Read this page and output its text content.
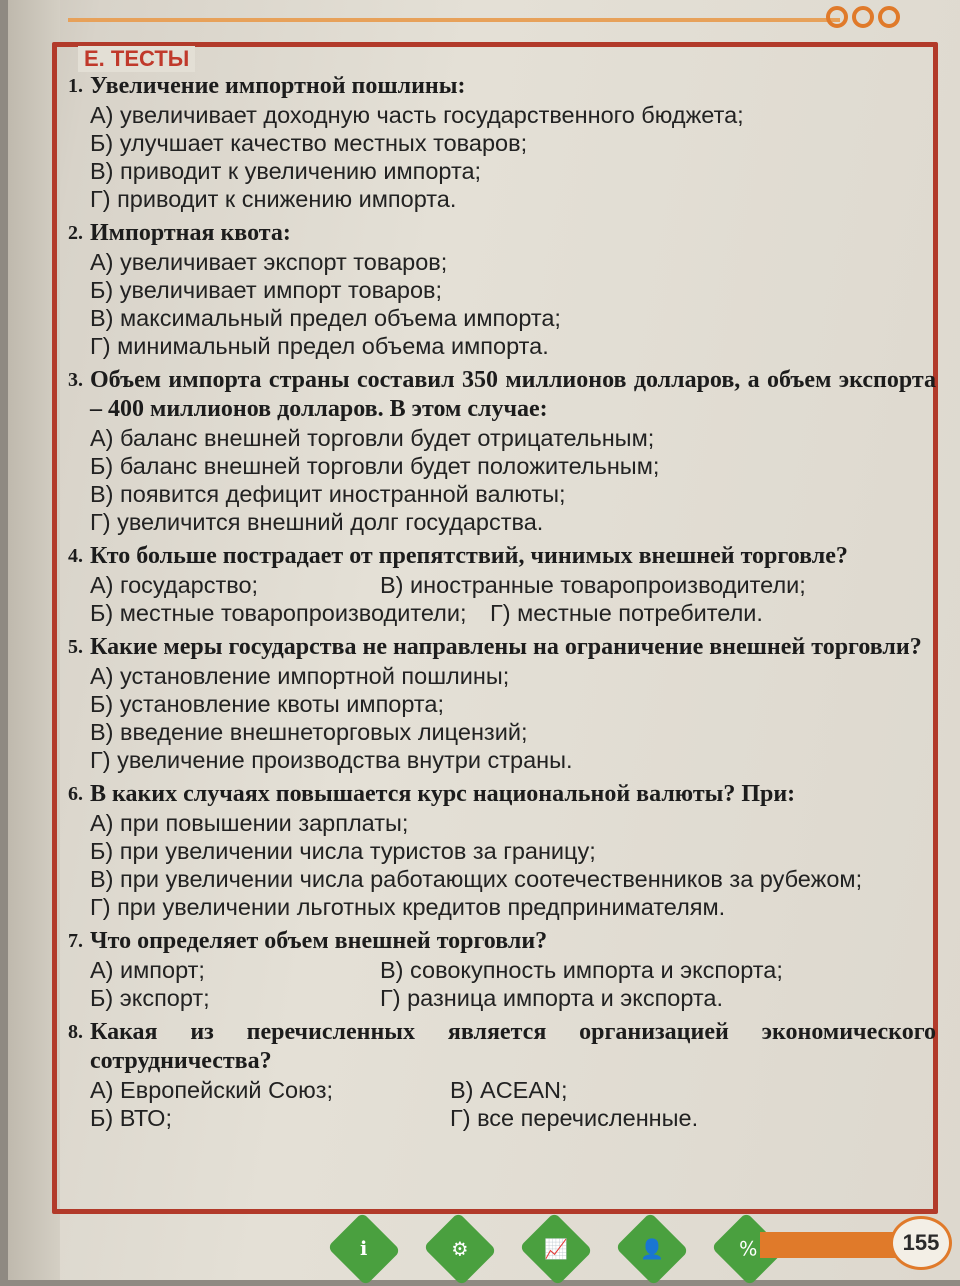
Е. ТЕСТЫ
1. Увеличение импортной пошлины:
А) увеличивает доходную часть государственного бюджета;
Б) улучшает качество местных товаров;
В) приводит к увеличению импорта;
Г) приводит к снижению импорта.
2. Импортная квота:
А) увеличивает экспорт товаров;
Б) увеличивает импорт товаров;
В) максимальный предел объема импорта;
Г) минимальный предел объема импорта.
3. Объем импорта страны составил 350 миллионов долларов, а объем экспорта – 400 миллионов долларов. В этом случае:
А) баланс внешней торговли будет отрицательным;
Б) баланс внешней торговли будет положительным;
В) появится дефицит иностранной валюты;
Г) увеличится внешний долг государства.
4. Кто больше пострадает от препятствий, чинимых внешней торговле?
А) государство;	В) иностранные товаропроизводители;
Б) местные товаропроизводители; Г) местные потребители.
5. Какие меры государства не направлены на ограничение внешней торговли?
А) установление импортной пошлины;
Б) установление квоты импорта;
В) введение внешнеторговых лицензий;
Г) увеличение производства внутри страны.
6. В каких случаях повышается курс национальной валюты? При:
А) при повышении зарплаты;
Б) при увеличении числа туристов за границу;
В) при увеличении числа работающих соотечественников за рубежом;
Г) при увеличении льготных кредитов предпринимателям.
7. Что определяет объем внешней торговли?
А) импорт;	В) совокупность импорта и экспорта;
Б) экспорт;	Г) разница импорта и экспорта.
8. Какая из перечисленных является организацией экономического сотрудничества?
А) Европейский Союз;	В) ACEAN;
Б) ВТО;	Г) все перечисленные.
ℹ	⚙	📈	👤	%	155
